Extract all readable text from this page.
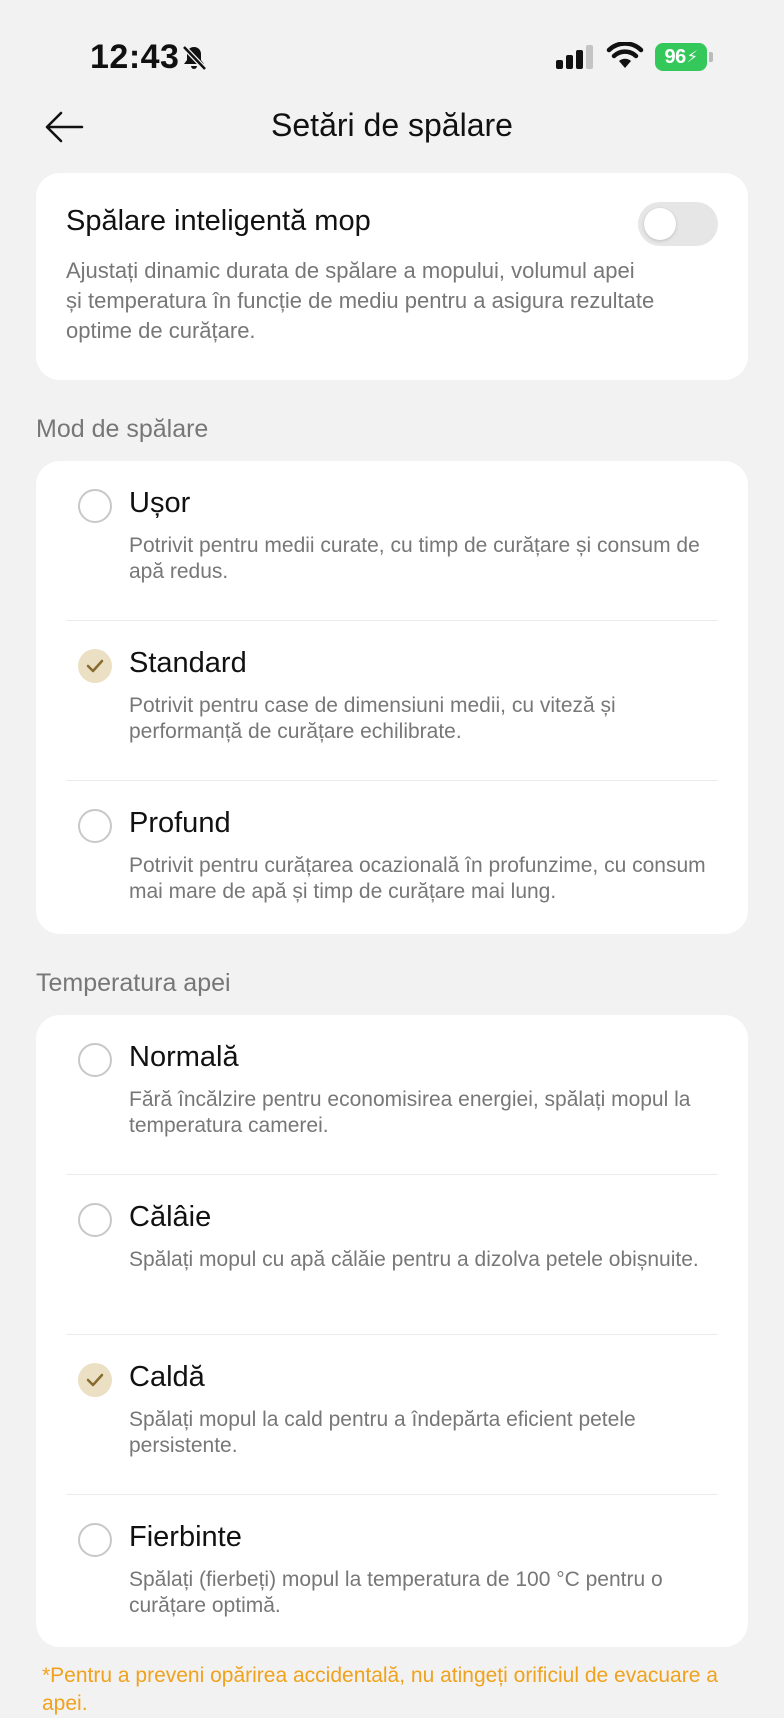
12:43	96 ⚡
Setări de spălare

Spălare inteligentă mop

Ajustați dinamic durata de spălare a mopului, volumul apei și temperatura în funcție de mediu pentru a asigura rezultate optime de curățare.
Mod de spălare
Ușor
Potrivit pentru medii curate, cu timp de curățare și consum de apă redus.
Standard
Potrivit pentru case de dimensiuni medii, cu viteză și performanță de curățare echilibrate.
Profund
Potrivit pentru curățarea ocazională în profunzime, cu consum mai mare de apă și timp de curățare mai lung.
Temperatura apei
Normală
Fără încălzire pentru economisirea energiei, spălați mopul la temperatura camerei.
Călâie
Spălați mopul cu apă călăie pentru a dizolva petele obișnuite.
Caldă
Spălați mopul la cald pentru a îndepărta eficient petele persistente.
Fierbinte
Spălați (fierbeți) mopul la temperatura de 100 °C pentru o curățare optimă.
*Pentru a preveni opărirea accidentală, nu atingeți orificiul de evacuare a apei.
